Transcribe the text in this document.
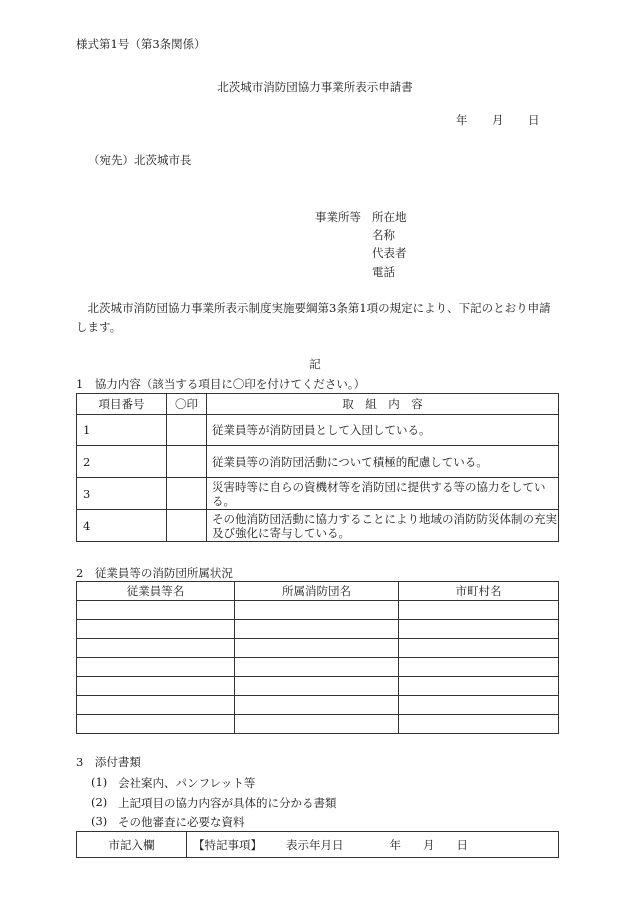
様式第1号（第3条関係）
北茨城市消防団協力事業所表示申請書
年 月 日
（宛先）北茨城市長
事業所等 所在地
名称
代表者
電話
北茨城市消防団協力事業所表示制度実施要綱第3条第1項の規定により、下記のとおり申請します。
記
1　協力内容（該当する項目に〇印を付けてください。）
項目番号	〇印	取　組　内　容
1		従業員等が消防団員として入団している。
2		従業員等の消防団活動について積極的配慮している。
3		災害時等に自らの資機材等を消防団に提供する等の協力をしている。
4		その他消防団活動に協力することにより地域の消防防災体制の充実及び強化に寄与している。
2　従業員等の消防団所属状況
従業員等名	所属消防団名	市町村名

3　添付書類
(1) 会社案内、パンフレット等
(2) 上記項目の協力内容が具体的に分かる書類
(3) その他審査に必要な資料
市記入欄	【特記事項】 表示年月日	年 月 日
